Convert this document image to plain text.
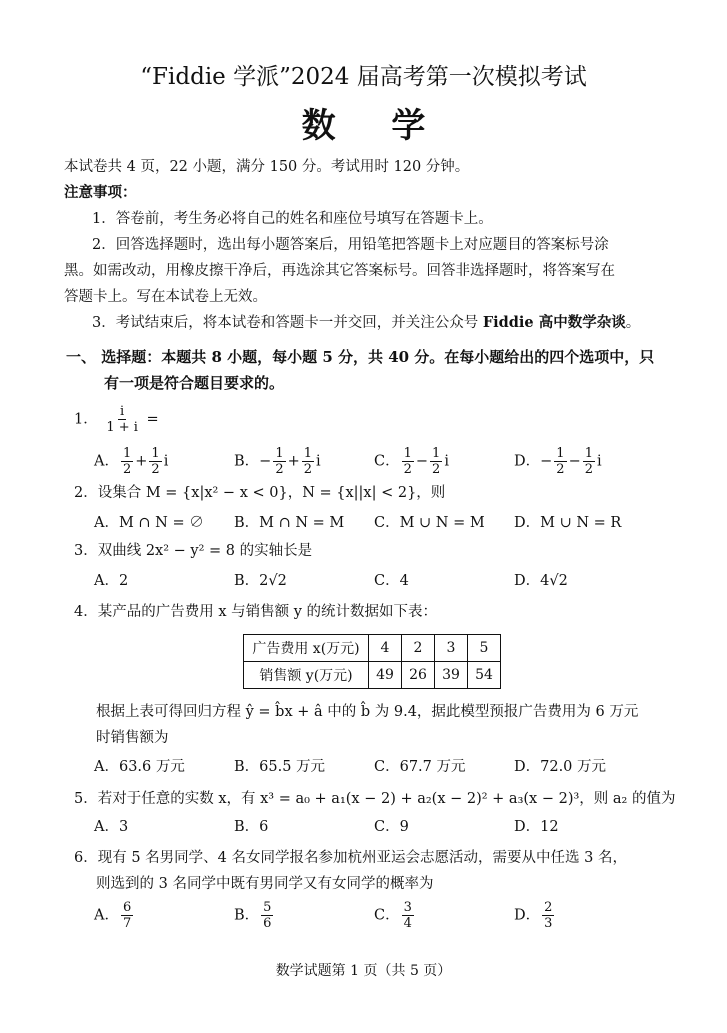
“Fiddie 学派”2024 届高考第一次模拟考试
数 学
本试卷共 4 页，22 小题，满分 150 分。考试用时 120 分钟。
注意事项：
1．答卷前，考生务必将自己的姓名和座位号填写在答题卡上。
2．回答选择题时，选出每小题答案后，用铅笔把答题卡上对应题目的答案标号涂
黑。如需改动，用橡皮擦干净后，再选涂其它答案标号。回答非选择题时，将答案写在
答题卡上。写在本试卷上无效。
3．考试结束后，将本试卷和答题卡一并交回，并关注公众号 Fiddie 高中数学杂谈。
一、 选择题：本题共 8 小题，每小题 5 分，共 40 分。在每小题给出的四个选项中，只
有一项是符合题目要求的。
1． $\frac{i}{1 + i}$ =
A． $\frac{1}{2} + \frac{1}{2}$ i	B．− $\frac{1}{2} + \frac{1}{2}$ i	C． $\frac{1}{2} - \frac{1}{2}$ i	D．− $\frac{1}{2} - \frac{1}{2}$ i
2．设集合 M = {x|x² − x < 0}，N = {x||x| < 2}，则
A．M ∩ N = ∅ B．M ∩ N = M C．M ∪ N = M D．M ∪ N = R
3．双曲线 2x² − y² = 8 的实轴长是
A．2	B．2√2	C．4	D．4√2
4．某产品的广告费用 x 与销售额 y 的统计数据如下表：
广告费用 x(万元)	4	2	3	5
销售额 y(万元)	49	26	39	54
根据上表可得回归方程 ŷ = b̂x + â 中的 b̂ 为 9.4，据此模型预报广告费用为 6 万元
时销售额为
A．63.6 万元	B．65.5 万元	C．67.7 万元	D．72.0 万元
5．若对于任意的实数 x，有 x³ = a₀ + a₁(x − 2) + a₂(x − 2)² + a₃(x − 2)³，则 a₂ 的值为
A．3	B．6	C．9	D．12
6．现有 5 名男同学、4 名女同学报名参加杭州亚运会志愿活动，需要从中任选 3 名，
则选到的 3 名同学中既有男同学又有女同学的概率为
A． $\frac{6}{7}$	B． $\frac{5}{6}$	C． $\frac{3}{4}$	D． $\frac{2}{3}$
数学试题第 1 页（共 5 页）
